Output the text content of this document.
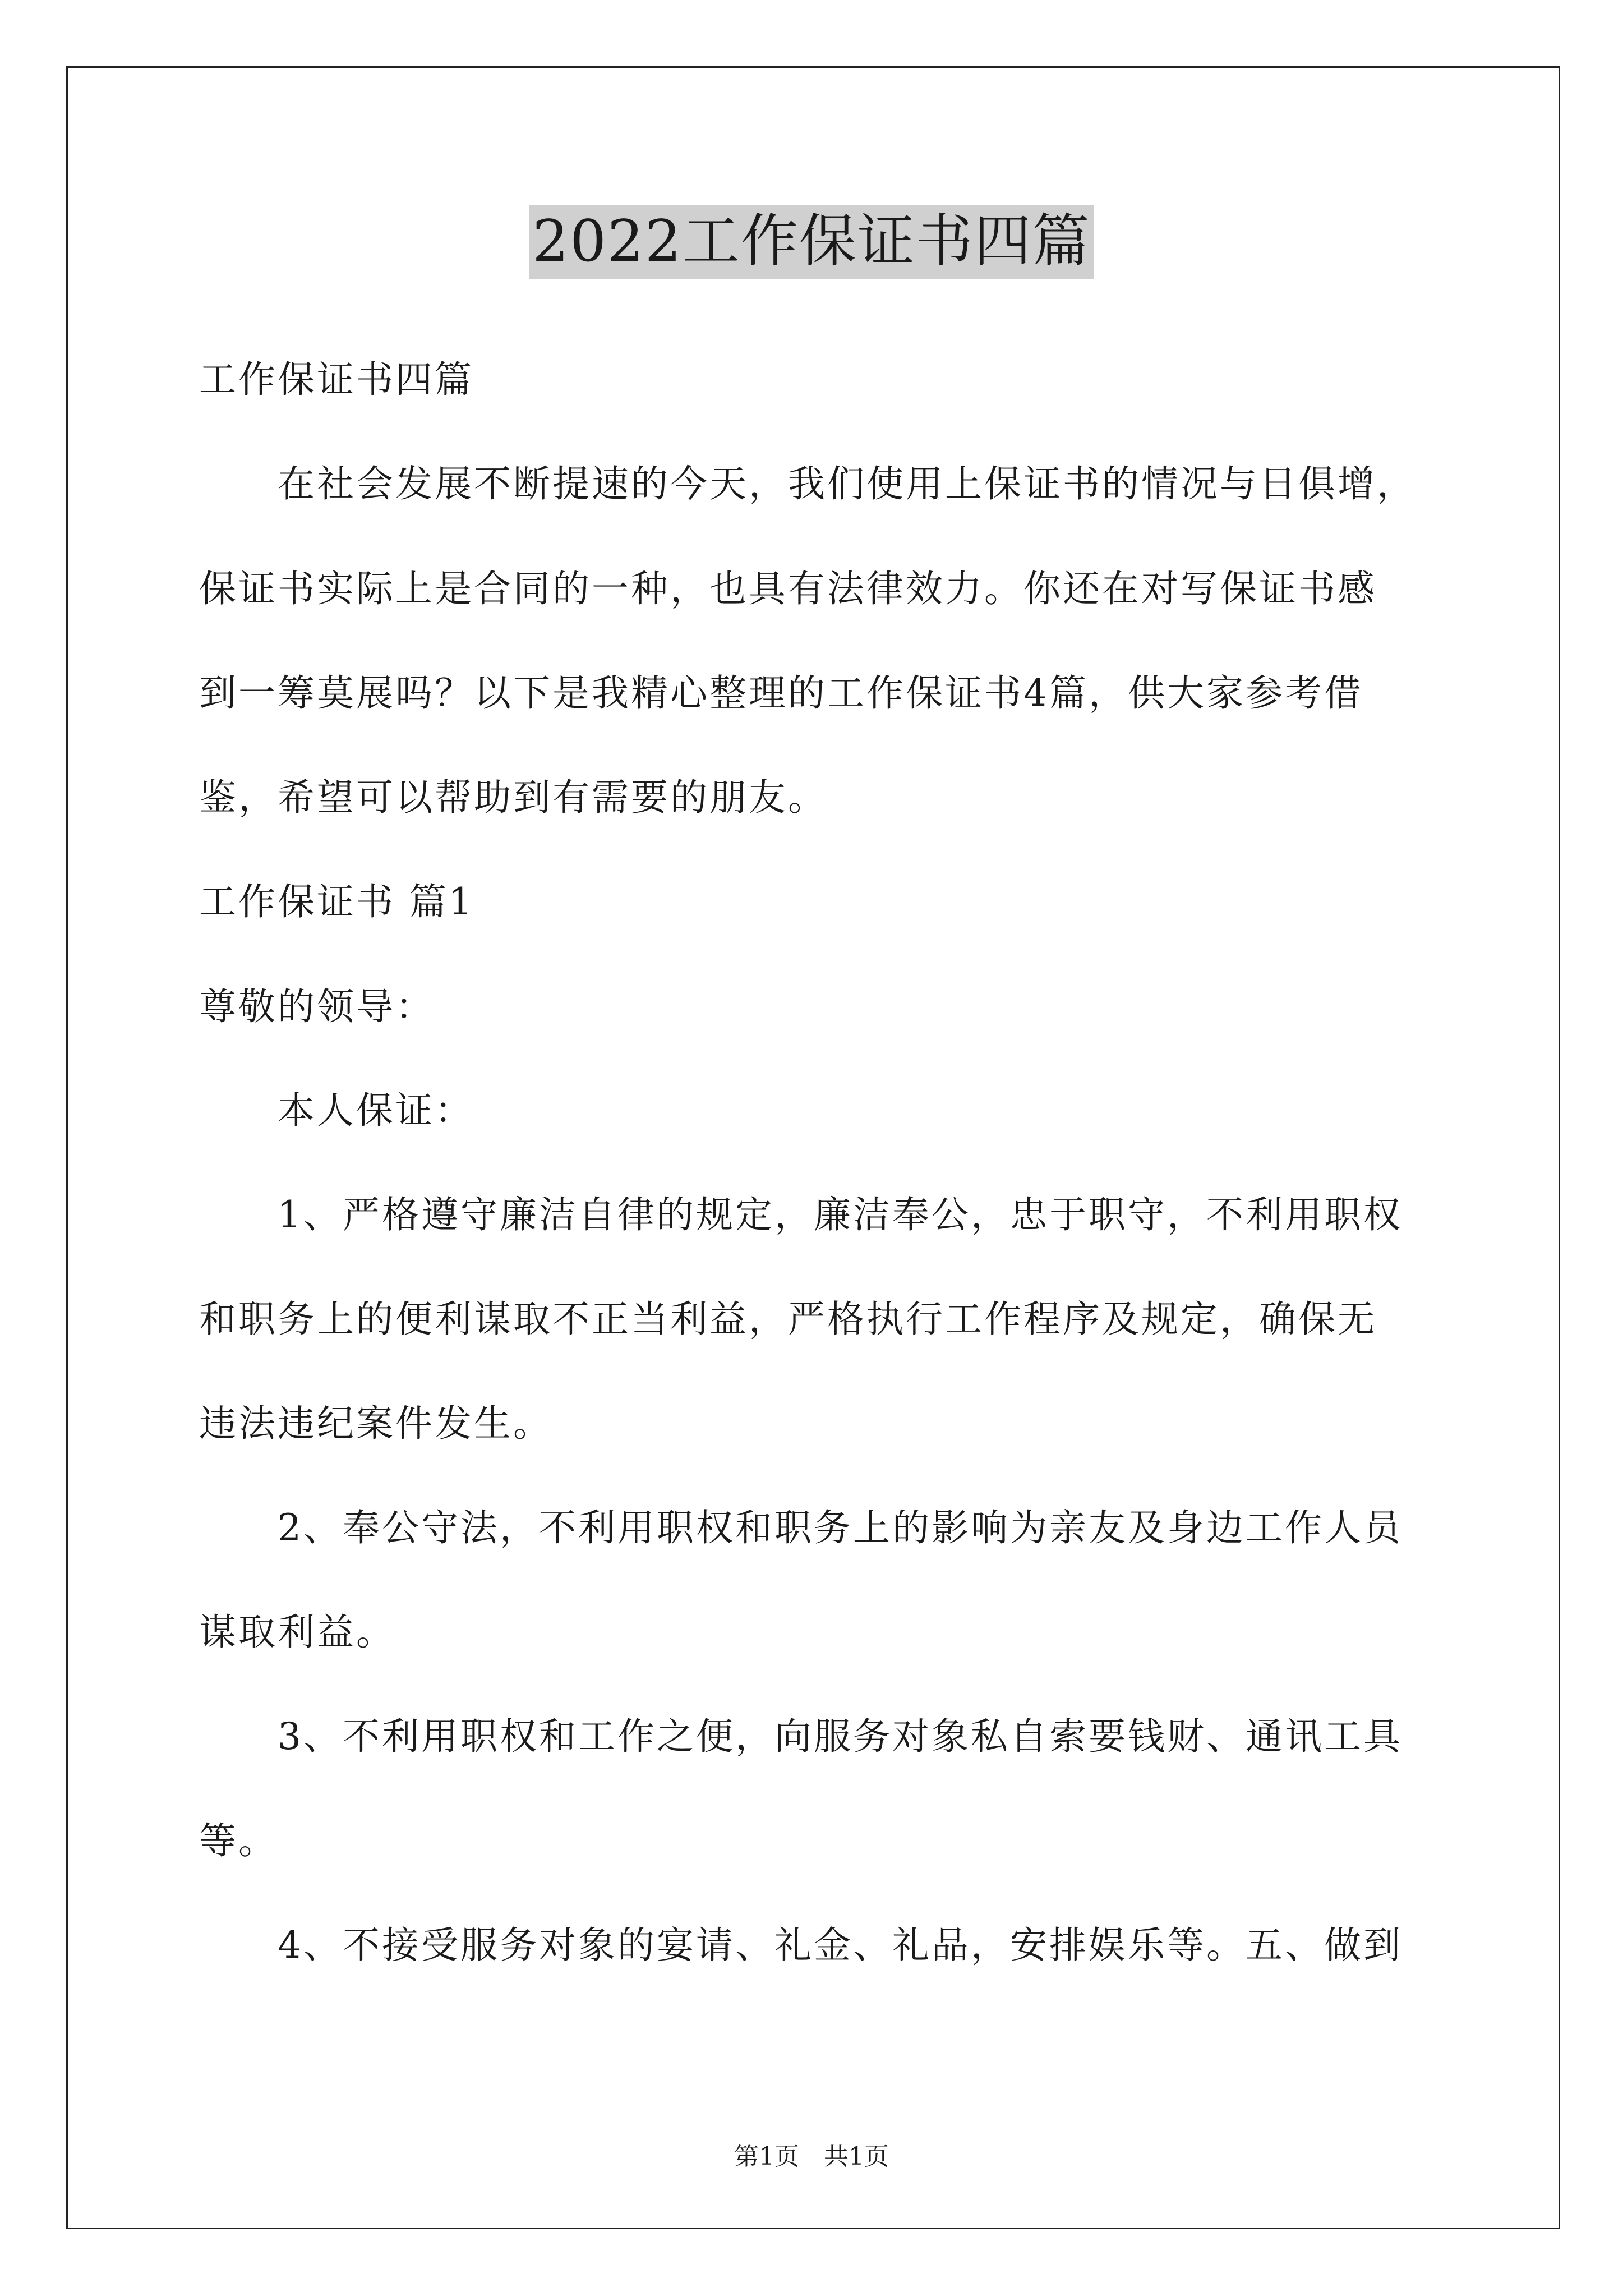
2022工作保证书四篇
工作保证书四篇
　　在社会发展不断提速的今天，我们使用上保证书的情况与日俱增，
保证书实际上是合同的一种，也具有法律效力。你还在对写保证书感
到一筹莫展吗？以下是我精心整理的工作保证书4篇，供大家参考借
鉴，希望可以帮助到有需要的朋友。
工作保证书 篇1
尊敬的领导：
　　本人保证：
　　1、严格遵守廉洁自律的规定，廉洁奉公，忠于职守，不利用职权
和职务上的便利谋取不正当利益，严格执行工作程序及规定，确保无
违法违纪案件发生。
　　2、奉公守法，不利用职权和职务上的影响为亲友及身边工作人员
谋取利益。
　　3、不利用职权和工作之便，向服务对象私自索要钱财、通讯工具
等。
　　4、不接受服务对象的宴请、礼金、礼品，安排娱乐等。五、做到
第1页　共1页
